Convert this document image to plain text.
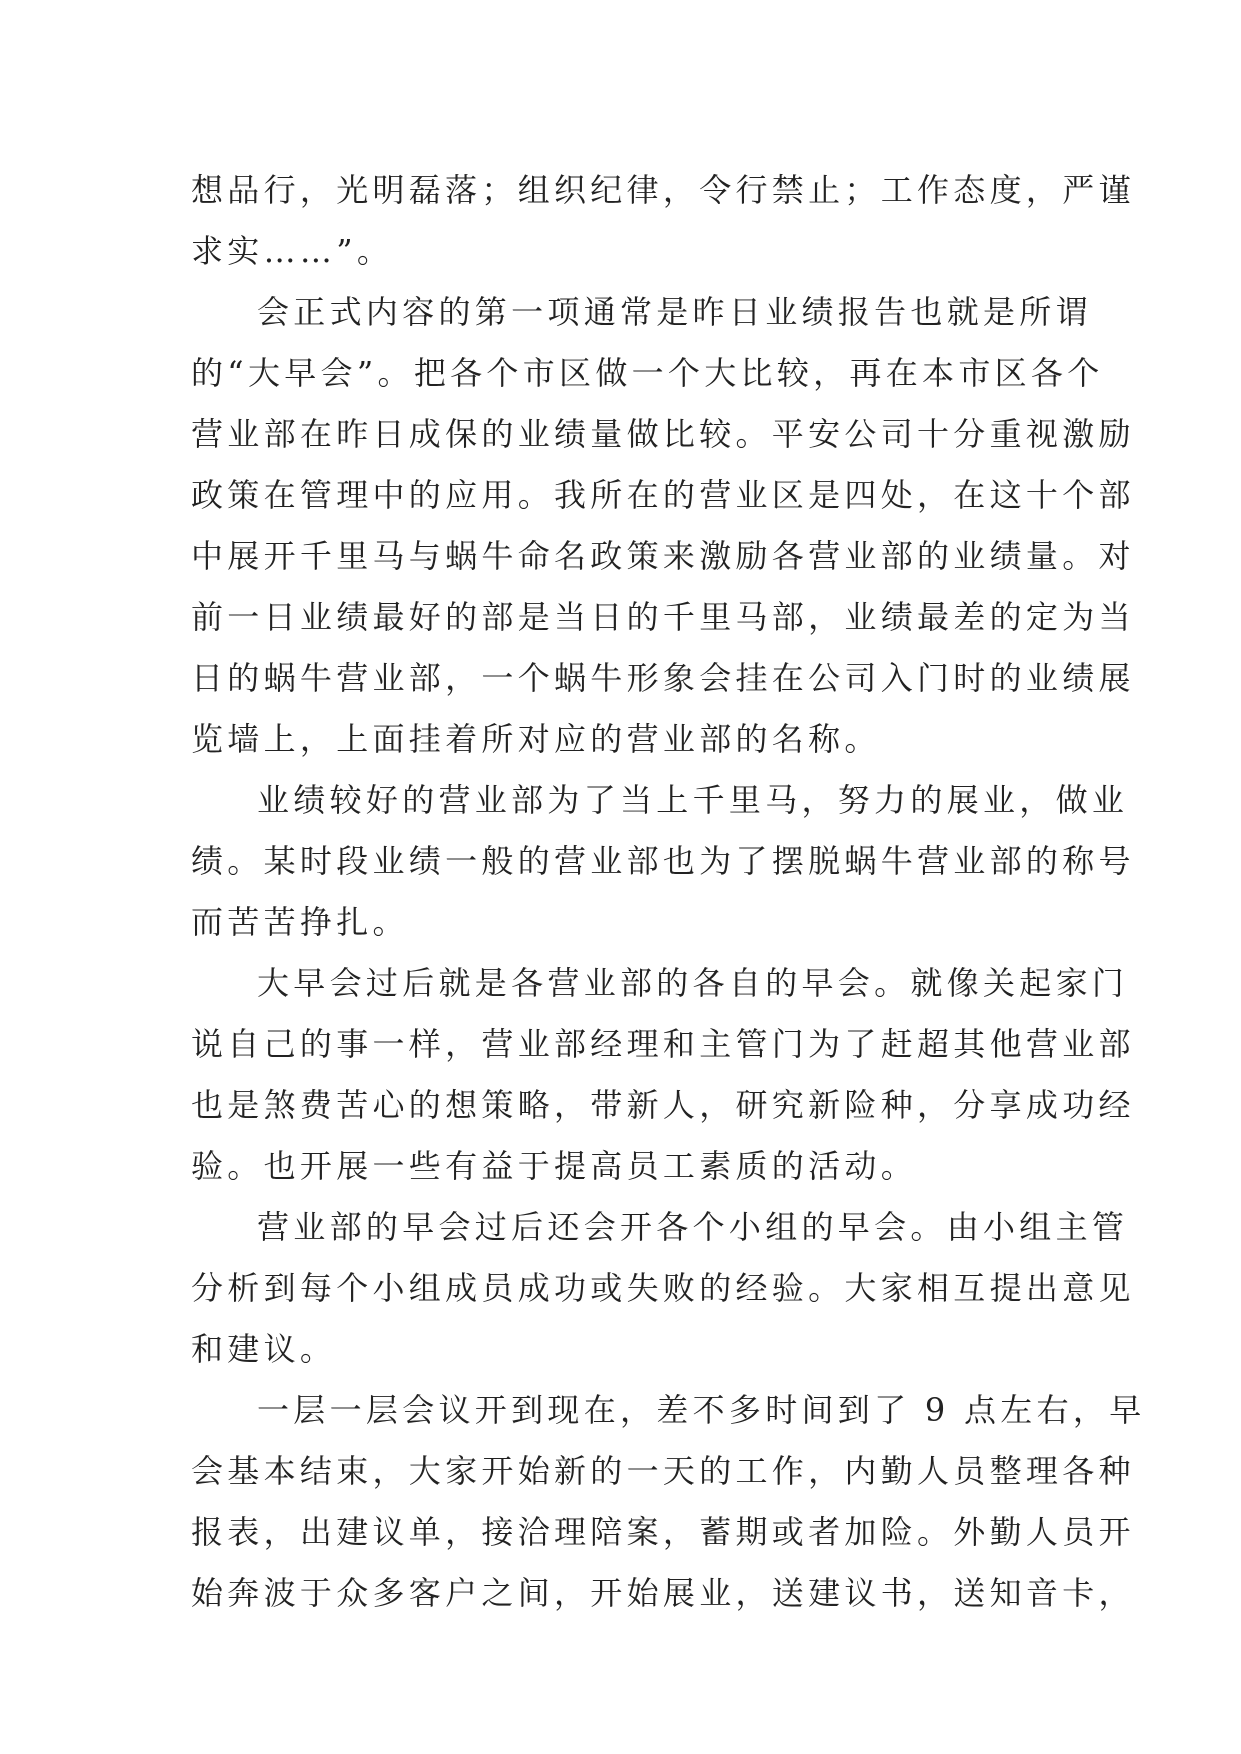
想品行，光明磊落；组织纪律，令行禁止；工作态度，严谨
求实……”。

会正式内容的第一项通常是昨日业绩报告也就是所谓
的“大早会”。把各个市区做一个大比较，再在本市区各个
营业部在昨日成保的业绩量做比较。平安公司十分重视激励
政策在管理中的应用。我所在的营业区是四处，在这十个部
中展开千里马与蜗牛命名政策来激励各营业部的业绩量。对
前一日业绩最好的部是当日的千里马部，业绩最差的定为当
日的蜗牛营业部，一个蜗牛形象会挂在公司入门时的业绩展
览墙上，上面挂着所对应的营业部的名称。

业绩较好的营业部为了当上千里马，努力的展业，做业
绩。某时段业绩一般的营业部也为了摆脱蜗牛营业部的称号
而苦苦挣扎。

大早会过后就是各营业部的各自的早会。就像关起家门
说自己的事一样，营业部经理和主管门为了赶超其他营业部
也是煞费苦心的想策略，带新人，研究新险种，分享成功经
验。也开展一些有益于提高员工素质的活动。

营业部的早会过后还会开各个小组的早会。由小组主管
分析到每个小组成员成功或失败的经验。大家相互提出意见
和建议。

一层一层会议开到现在，差不多时间到了 9 点左右，早
会基本结束，大家开始新的一天的工作，内勤人员整理各种
报表，出建议单，接洽理陪案，蓄期或者加险。外勤人员开
始奔波于众多客户之间，开始展业，送建议书，送知音卡，
